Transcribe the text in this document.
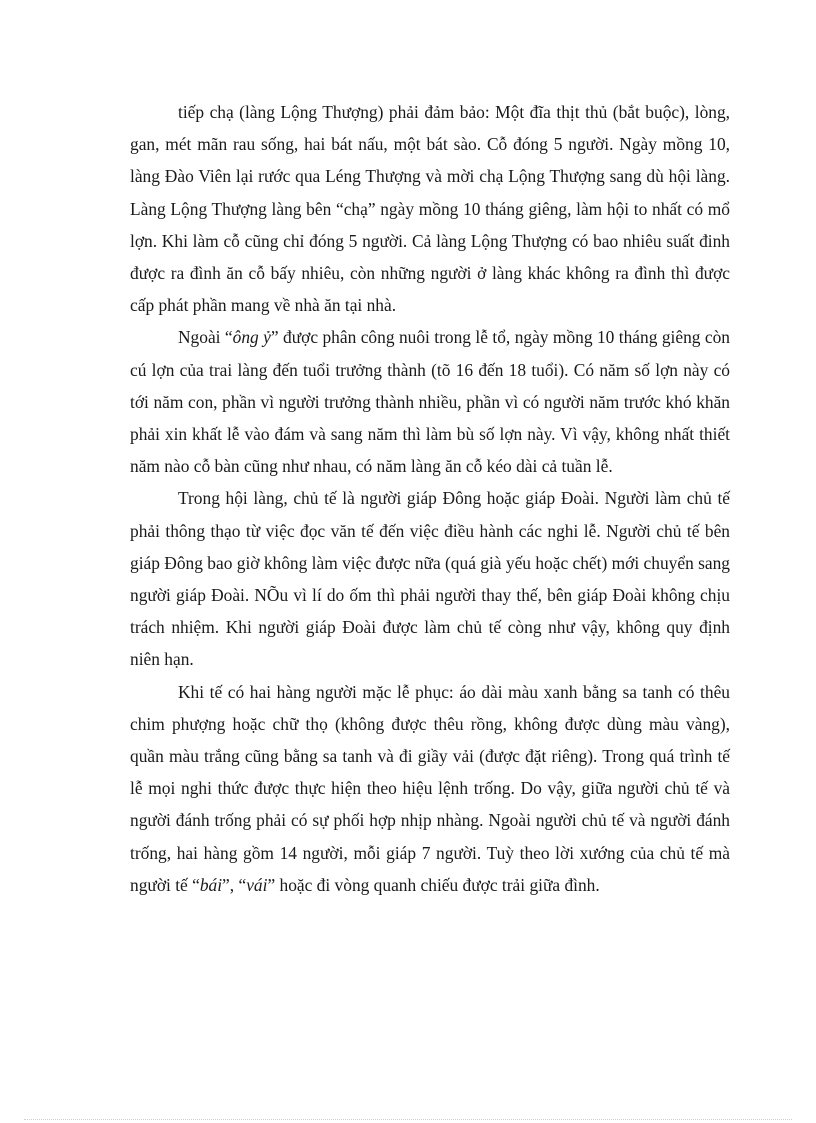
tiếp chạ (làng Lộng Thượng) phải đảm bảo: Một đĩa thịt thủ (bắt buộc), lòng, gan, mét mãn rau sống, hai bát nấu, một bát sào. Cỗ đóng 5 người. Ngày mồng 10, làng Đào Viên lại rước qua Léng Thượng và mời chạ Lộng Thượng sang dù hội làng. Làng Lộng Thượng làng bên “chạ” ngày mồng 10 tháng giêng, làm hội to nhất có mổ lợn. Khi làm cỗ cũng chỉ đóng 5 người. Cả làng Lộng Thượng có bao nhiêu suất đinh được ra đình ăn cỗ bấy nhiêu, còn những người ở làng khác không ra đình thì được cấp phát phần mang về nhà ăn tại nhà.

Ngoài “ông ỷ” được phân công nuôi trong lễ tổ, ngày mồng 10 tháng giêng còn cú lợn của trai làng đến tuổi trưởng thành (tõ 16 đến 18 tuổi). Có năm số lợn này có tới năm con, phần vì người trưởng thành nhiều, phần vì có người năm trước khó khăn phải xin khất lễ vào đám và sang năm thì làm bù số lợn này. Vì vậy, không nhất thiết năm nào cỗ bàn cũng như nhau, có năm làng ăn cỗ kéo dài cả tuần lễ.

Trong hội làng, chủ tế là người giáp Đông hoặc giáp Đoài. Người làm chủ tế phải thông thạo từ việc đọc văn tế đến việc điều hành các nghi lễ. Người chủ tế bên giáp Đông bao giờ không làm việc được nữa (quá già yếu hoặc chết) mới chuyển sang người giáp Đoài. NÕu vì lí do ốm thì phải người thay thế, bên giáp Đoài không chịu trách nhiệm. Khi người giáp Đoài được làm chủ tế còng như vậy, không quy định niên hạn.

Khi tế có hai hàng người mặc lễ phục: áo dài màu xanh bằng sa tanh có thêu chim phượng hoặc chữ thọ (không được thêu rồng, không được dùng màu vàng), quần màu trắng cũng bằng sa tanh và đi giầy vải (được đặt riêng). Trong quá trình tế lễ mọi nghi thức được thực hiện theo hiệu lệnh trống. Do vậy, giữa người chủ tế và người đánh trống phải có sự phối hợp nhịp nhàng. Ngoài người chủ tế và người đánh trống, hai hàng gồm 14 người, mỗi giáp 7 người. Tuỳ theo lời xướng của chủ tế mà người tế “bái”, “vái” hoặc đi vòng quanh chiếu được trải giữa đình.
